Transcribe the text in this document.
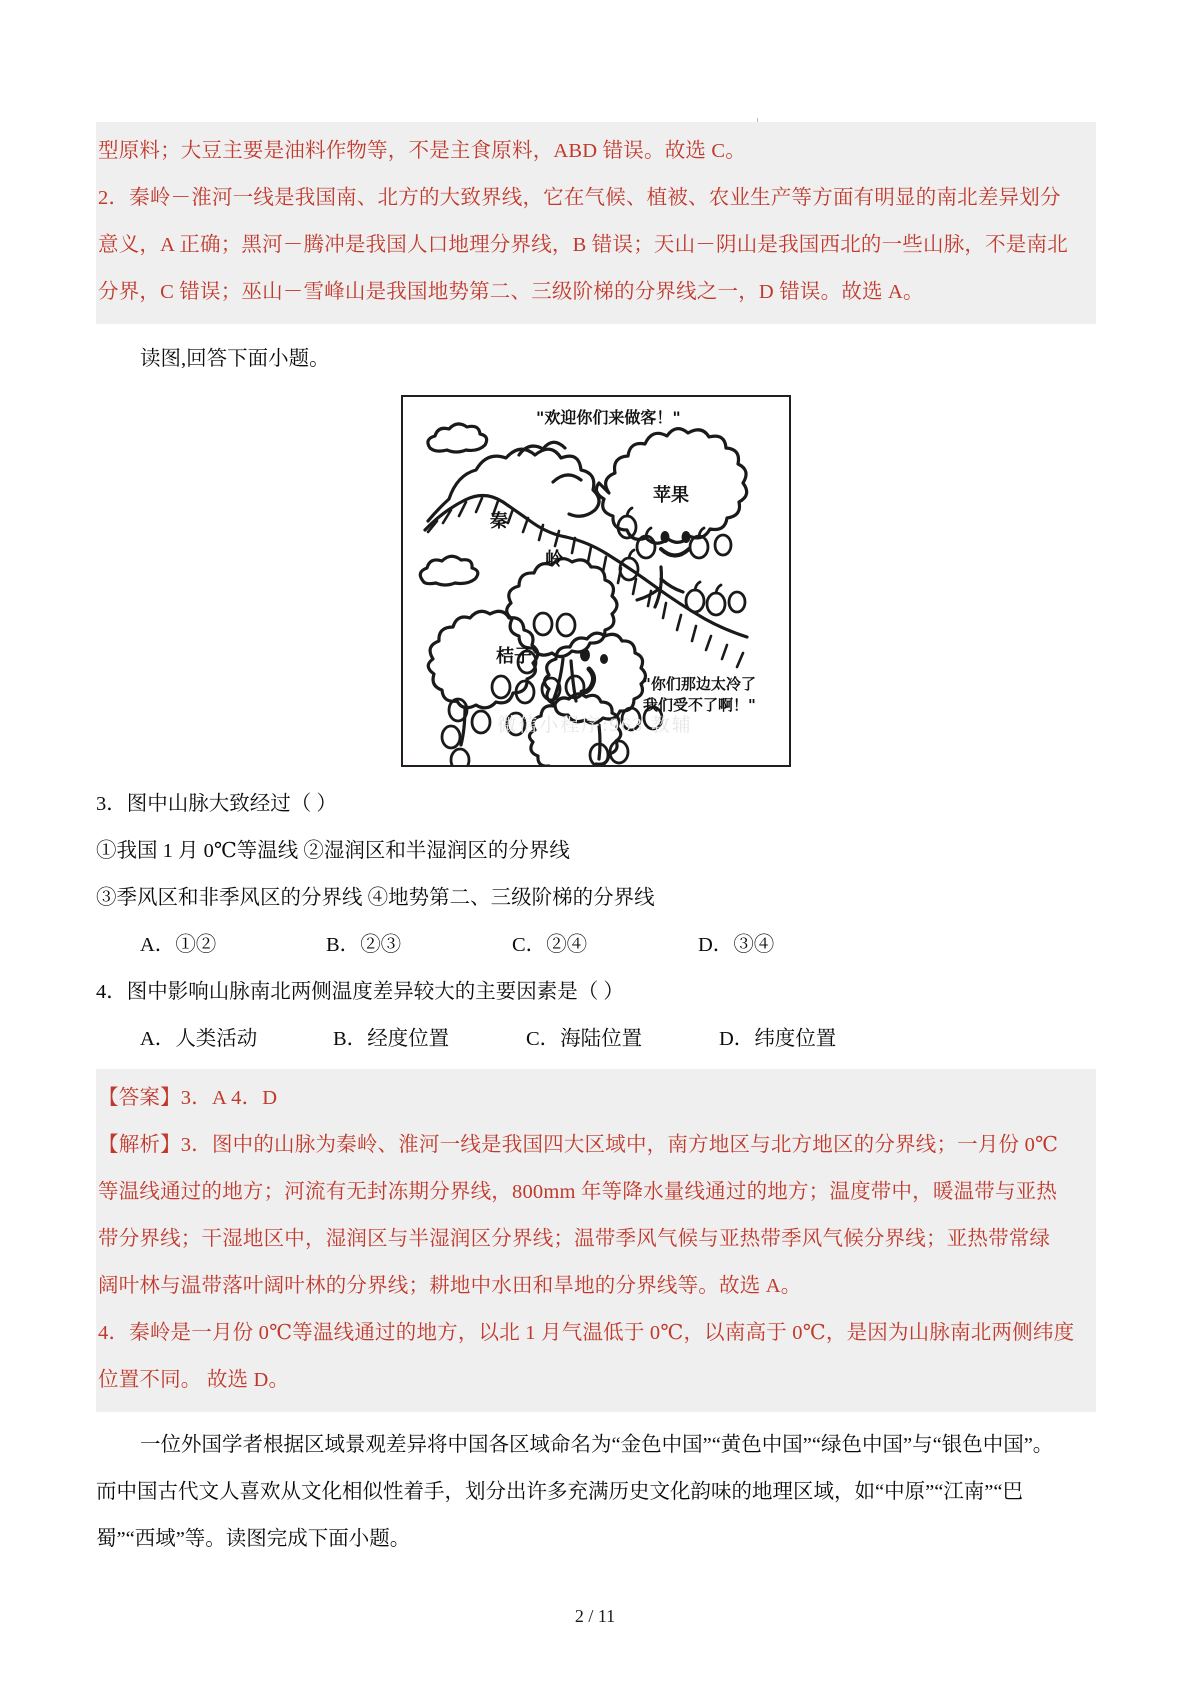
型原料；大豆主要是油料作物等，不是主食原料，ABD 错误。故选 C。
2．秦岭－淮河一线是我国南、北方的大致界线，它在气候、植被、农业生产等方面有明显的南北差异划分
意义，A 正确；黑河－腾冲是我国人口地理分界线，B 错误；天山－阴山是我国西北的一些山脉，不是南北
分界，C 错误；巫山－雪峰山是我国地势第二、三级阶梯的分界线之一，D 错误。故选 A。
读图,回答下面小题。
"欢迎你们来做客！"
秦
岭
苹果
桔子
"你们那边太冷了
我们受不了啊！"
3．图中山脉大致经过（ ）
①我国 1 月 0℃等温线 ②湿润区和半湿润区的分界线
③季风区和非季风区的分界线 ④地势第二、三级阶梯的分界线
A．①②	B．②③	C．②④	D．③④
4．图中影响山脉南北两侧温度差异较大的主要因素是（ ）
A．人类活动	B．经度位置	C．海陆位置	D．纬度位置
【答案】3．A 4．D
【解析】3．图中的山脉为秦岭、淮河一线是我国四大区域中，南方地区与北方地区的分界线；一月份 0℃
等温线通过的地方；河流有无封冻期分界线，800mm 年等降水量线通过的地方；温度带中，暖温带与亚热
带分界线；干湿地区中，湿润区与半湿润区分界线；温带季风气候与亚热带季风气候分界线；亚热带常绿
阔叶林与温带落叶阔叶林的分界线；耕地中水田和旱地的分界线等。故选 A。
4．秦岭是一月份 0℃等温线通过的地方，以北 1 月气温低于 0℃，以南高于 0℃，是因为山脉南北两侧纬度
位置不同。 故选 D。
一位外国学者根据区域景观差异将中国各区域命名为“金色中国”“黄色中国”“绿色中国”与“银色中国”。
而中国古代文人喜欢从文化相似性着手，划分出许多充满历史文化韵味的地理区域，如“中原”“江南”“巴
蜀”“西域”等。读图完成下面小题。
微信小程序:963 教辅
2 / 11
